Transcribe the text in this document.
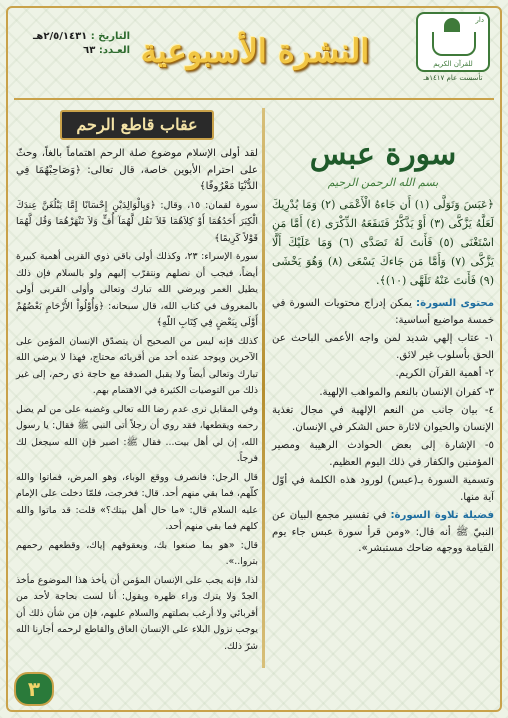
دار
للقرآن الكريم
تأسست عام ١٤١٧هـ
النشرة الأسبوعية
التاريخ : ٢/٥/١٤٣١هـ
العـدد: ٦٣
سورة عبس
بسم الله الرحمن الرحيم
﴿عَبَسَ وَتَوَلَّى (١) أَن جَاءهُ الْأَعْمَى (٢) وَمَا يُدْرِيكَ لَعَلَّهُ يَزَّكَّى (٣) أَوْ يَذَّكَّرُ فَتَنفَعَهُ الذِّكْرَى (٤) أَمَّا مَنِ اسْتَغْنَى (٥) فَأَنتَ لَهُ تَصَدَّى (٦) وَمَا عَلَيْكَ أَلَّا يَزَّكَّى (٧) وَأَمَّا مَن جَاءكَ يَسْعَى (٨) وَهُوَ يَخْشَى (٩) فَأَنتَ عَنْهُ تَلَهَّى (١٠)﴾.

محتوى السورة: يمكن إدراج محتويات السورة في خمسة مواضيع أساسية:

١- عتاب إلهي شديد لمن واجه الأعمى الباحث عن الحق بأسلوب غير لائق.

٢- أهمية القرآن الكريم.

٣- كفران الإنسان بالنعم والمواهب الإلهية.

٤- بيان جانب من النعم الإلهية في مجال تغذية الإنسان والحيوان لاثارة حس الشكر في الإنسان.

٥- الإشارة إلى بعض الحوادث الرهيبة ومصير المؤمنين والكفار في ذلك اليوم العظيم.

وتسمية السورة بـ(عبس) لورود هذه الكلمة في أوّل آية منها.

فضيلة تلاوة السورة: في تفسير مجمع البيان عن النبيّ ﷺ أنه قال: «ومن قرأ سورة عبس جاء يوم القيامة ووجهه ضاحك مستبشر».

عقاب قاطع الرحم

لقد أولى الإسلام موضوع صلة الرحم اهتماماً بالغاً، وحثّ على احترام الأبوين خاصة، قال تعالى: ﴿وَصَاحِبْهُمَا فِي الدُّنْيَا مَعْرُوفًا﴾

سورة لقمان: ١٥، وقال: ﴿وَبِالْوَالِدَيْنِ إِحْسَانًا إِمَّا يَبْلُغَنَّ عِندَكَ الْكِبَرَ أَحَدُهُمَا أَوْ كِلاَهُمَا فَلاَ تَقُل لَّهُمَآ أُفٍّ وَلاَ تَنْهَرْهُمَا وَقُل لَّهُمَا قَوْلاً كَرِيمًا﴾

سورة الإسراء: ٢٣، وكذلك أولى باقي ذوي القربى أهمية كبيرة أيضاً، فيجب أن نصلهم ونتقرّب إليهم ولو بالسلام فإن ذلك يطيل العمر ويرضي الله تبارك وتعالى وأولى القربى أولى بالمعروف في كتاب الله، قال سبحانه: ﴿وَأُوْلُواْ الأَرْحَامِ بَعْضُهُمْ أَوْلَى بِبَعْضٍ فِي كِتَابِ اللّهِ﴾

كذلك فإنه ليس من الصحيح أن يتصدّق الإنسان المؤمن على الآخرين ويوجد عنده أحد من أقربائه محتاج، فهذا لا يرضي الله تبارك وتعالى أيضاً ولا يقبل الصدقة مع حاجة ذي رحم، إلى غير ذلك من التوصيات الكثيرة في الاهتمام بهم.

وفي المقابل نرى عدم رضا الله تعالى وغضبه على من لم يصل رحمه ويقطعها، فقد روي أن رجلاً أتى النبي ﷺ فقال: يا رسول الله، إن لي أهل بيت... فقال ﷺ: اصبر فإن الله سيجعل لك فرجاً.

قال الرجل: فانصرف ووقع الوباء، وهو المرض، فماتوا والله كلّهم، فما بقي منهم أحد. قال: فخرجت، فلمّا دخلت على الإمام عليه السلام قال: «ما حال أهل بيتك؟» قلت: قد ماتوا والله كلهم فما بقي منهم أحد.

قال: «هو بما صنعوا بك، وبعقوقهم إياك، وقطعهم رحمهم بتروا..».

لذا، فإنه يجب على الإنسان المؤمن أن يأخذ هذا الموضوع مأخذ الجدّ ولا يترك وراء ظهره ويقول: أنا لست بحاجة لأحد من أقربائي ولا أرغب بصلتهم والسلام عليهم، فإن من شأن ذلك أن يوجب نزول البلاء على الإنسان العاق والقاطع لرحمه أجارنا الله شرّ ذلك.

٣
